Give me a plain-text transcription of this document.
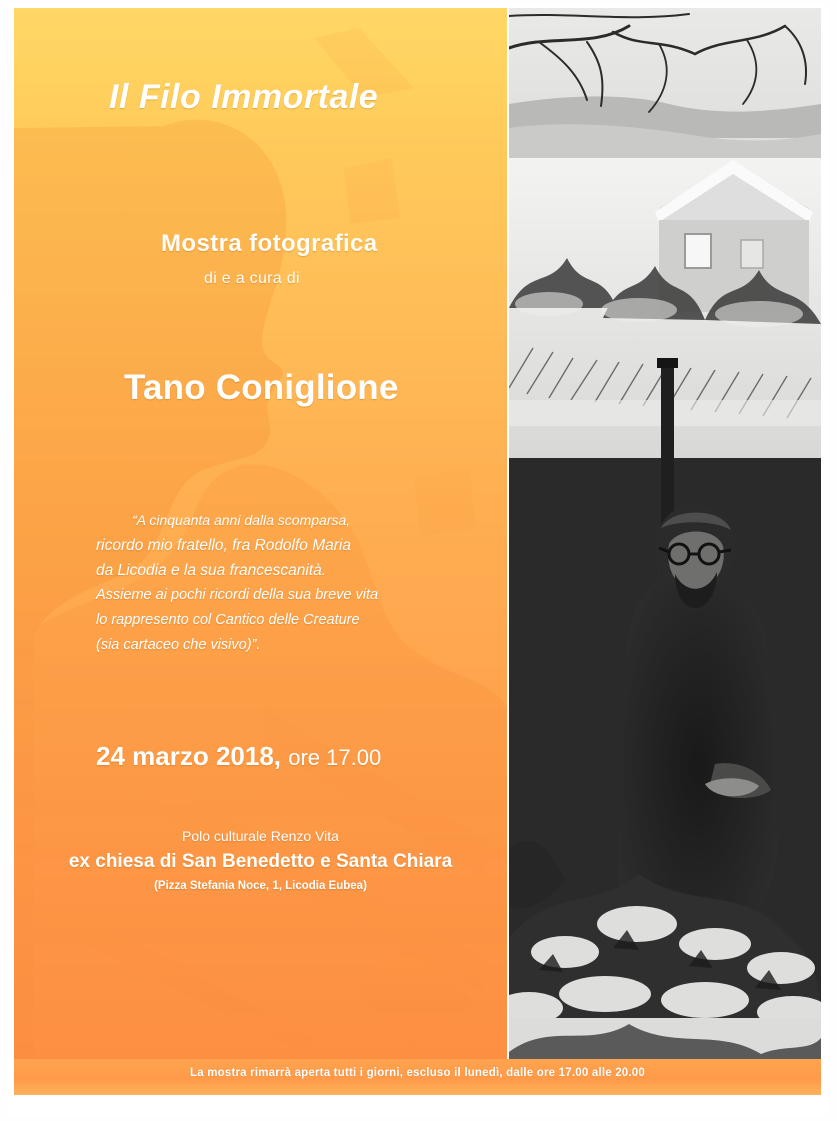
Il Filo Immortale
Mostra fotografica
di e a cura di
Tano Coniglione
“A cinquanta anni dalla scomparsa,
ricordo mio fratello, fra Rodolfo Maria
da Licodia e la sua francescanità.
Assieme ai pochi ricordi della sua breve vita
lo rappresento col Cantico delle Creature
(sia cartaceo che visivo)”.
24 marzo 2018, ore 17.00
Polo culturale Renzo Vita
ex chiesa di San Benedetto e Santa Chiara
(Pizza Stefania Noce, 1, Licodia Eubea)
La mostra rimarrà aperta tutti i giorni, escluso il lunedì, dalle ore 17.00 alle 20.00
